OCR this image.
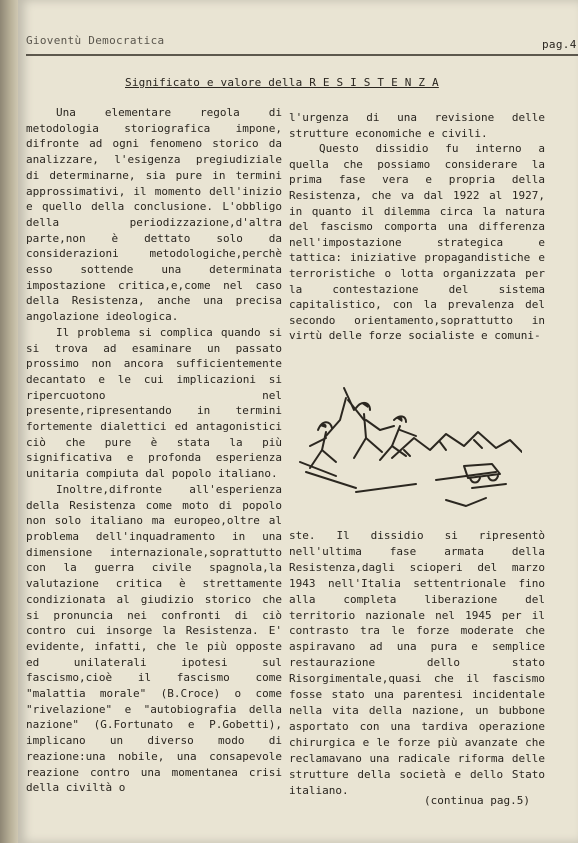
Gioventù Democratica	pag.4
Significato e valore della R E S I S T E N Z A

Una elementare regola di metodologia storiografica impone, difronte ad ogni fenomeno storico da analizzare, l'esigenza pregiudiziale di determinarne, sia pure in termini approssimativi, il momento dell'inizio e quello della conclusione. L'obbligo della periodizzazione,d'altra parte,non è dettato solo da considerazioni metodologiche,perchè esso sottende una determinata impostazione critica,e,come nel caso della Resistenza, anche una precisa angolazione ideologica.

Il problema si complica quando si si trova ad esaminare un passato prossimo non ancora sufficientemente decantato e le cui implicazioni si ripercuotono nel presente,ripresentando in termini fortemente dialettici ed antagonistici ciò che pure è stata la più significativa e profonda esperienza unitaria compiuta dal popolo italiano.

Inoltre,difronte all'esperienza della Resistenza come moto di popolo non solo italiano ma europeo,oltre al problema dell'inquadramento in una dimensione internazionale,soprattutto con la guerra civile spagnola,la valutazione critica è strettamente condizionata al giudizio storico che si pronuncia nei confronti di ciò contro cui insorge la Resistenza. E' evidente, infatti, che le più opposte ed unilaterali ipotesi sul fascismo,cioè il fascismo come "malattia morale" (B.Croce) o come "rivelazione" e "autobiografia della nazione" (G.Fortunato e P.Gobetti), implicano un diverso modo di reazione:una nobile, una consapevole reazione contro una momentanea crisi della civiltà o

l'urgenza di una revisione delle strutture economiche e civili.

Questo dissidio fu interno a quella che possiamo considerare la prima fase vera e propria della Resistenza, che va dal 1922 al 1927, in quanto il dilemma circa la natura del fascismo comporta una differenza nell'impostazione strategica e tattica: iniziative propagandistiche e terroristiche o lotta organizzata per la contestazione del sistema capitalistico, con la prevalenza del secondo orientamento,soprattutto in virtù delle forze socialiste e comuni-

ste. Il dissidio si ripresentò nell'ultima fase armata della Resistenza,dagli scioperi del marzo 1943 nell'Italia settentrionale fino alla completa liberazione del territorio nazionale nel 1945 per il contrasto tra le forze moderate che aspiravano ad una pura e semplice restaurazione dello stato Risorgimentale,quasi che il fascismo fosse stato una parentesi incidentale nella vita della nazione, un bubbone asportato con una tardiva operazione chirurgica e le forze più avanzate che reclamavano una radicale riforma delle strutture della società e dello Stato italiano.

(continua pag.5)
